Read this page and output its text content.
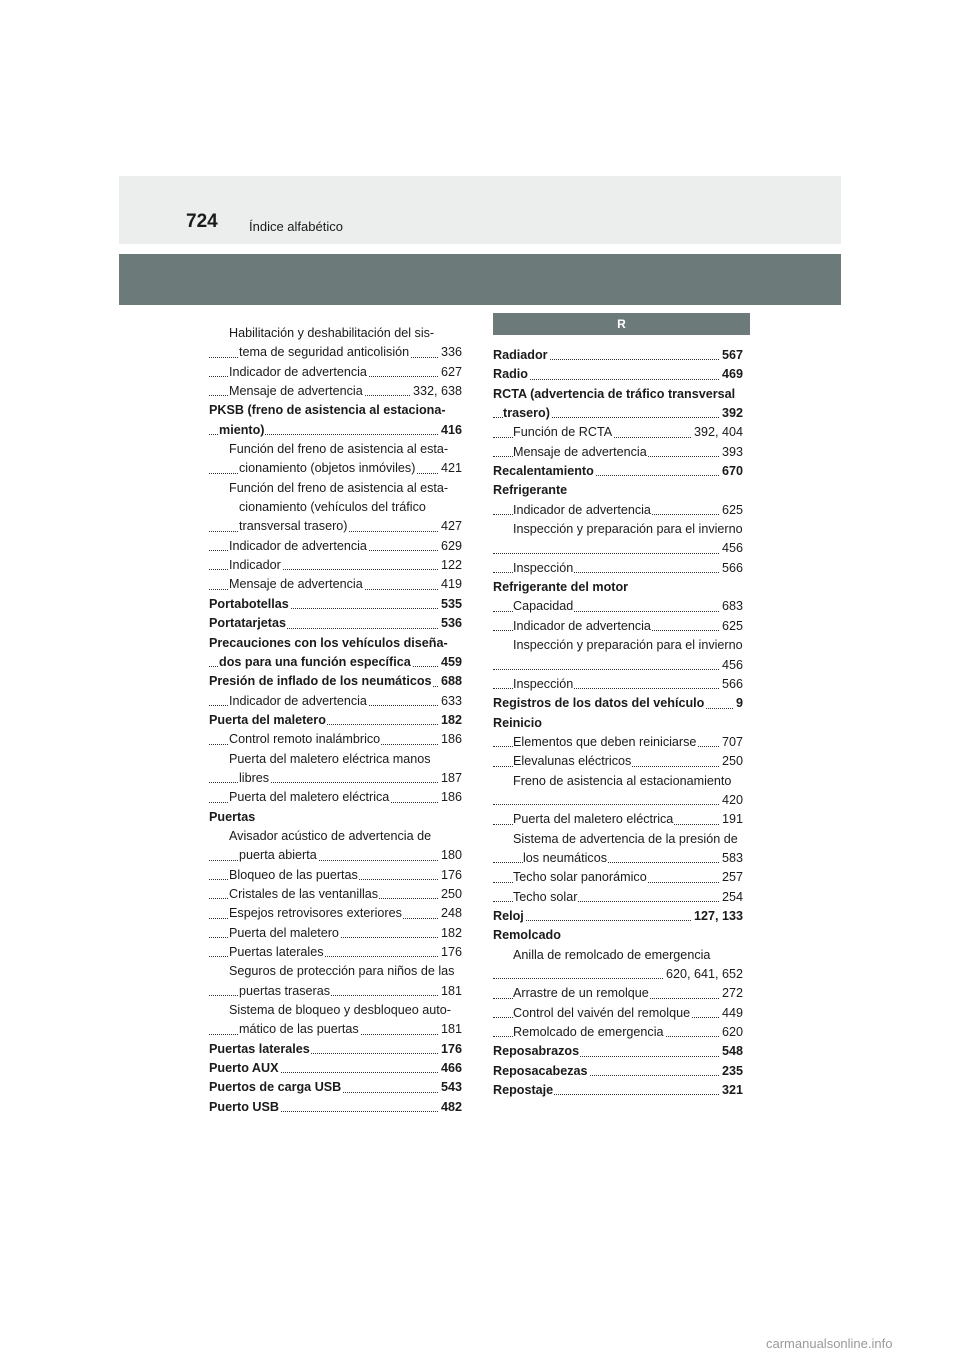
724 Índice alfabético
Habilitación y deshabilitación del sis-
tema de seguridad anticolisión	336
Indicador de advertencia	627
Mensaje de advertencia	332, 638
PKSB (freno de asistencia al estaciona-
miento)	416
Función del freno de asistencia al esta-
cionamiento (objetos inmóviles) 421
Función del freno de asistencia al esta-
cionamiento (vehículos del tráfico
transversal trasero)	427
Indicador de advertencia	629
Indicador	122
Mensaje de advertencia	419
Portabotellas	535
Portatarjetas	536
Precauciones con los vehículos diseña-
dos para una función específica 459
Presión de inflado de los neumáticos 688
Indicador de advertencia	633
Puerta del maletero	182
Control remoto inalámbrico	186
Puerta del maletero eléctrica manos
libres	187
Puerta del maletero eléctrica	186
Puertas
Avisador acústico de advertencia de
puerta abierta	180
Bloqueo de las puertas	176
Cristales de las ventanillas	250
Espejos retrovisores exteriores	248
Puerta del maletero	182
Puertas laterales	176
Seguros de protección para niños de las
puertas traseras	181
Sistema de bloqueo y desbloqueo auto-
mático de las puertas	181
Puertas laterales	176
Puerto AUX	466
Puertos de carga USB	543
Puerto USB	482
R
Radiador	567
Radio	469
RCTA (advertencia de tráfico transversal
trasero)	392
Función de RCTA	392, 404
Mensaje de advertencia	393
Recalentamiento	670
Refrigerante
Indicador de advertencia	625
Inspección y preparación para el invierno
456
Inspección	566
Refrigerante del motor
Capacidad	683
Indicador de advertencia	625
Inspección y preparación para el invierno
456
Inspección	566
Registros de los datos del vehículo	9
Reinicio
Elementos que deben reiniciarse 707
Elevalunas eléctricos	250
Freno de asistencia al estacionamiento
420
Puerta del maletero eléctrica	191
Sistema de advertencia de la presión de
los neumáticos	583
Techo solar panorámico	257
Techo solar	254
Reloj	127, 133
Remolcado
Anilla de remolcado de emergencia
620, 641, 652
Arrastre de un remolque	272
Control del vaivén del remolque	449
Remolcado de emergencia	620
Reposabrazos	548
Reposacabezas	235
Repostaje	321
carmanualsonline.info
